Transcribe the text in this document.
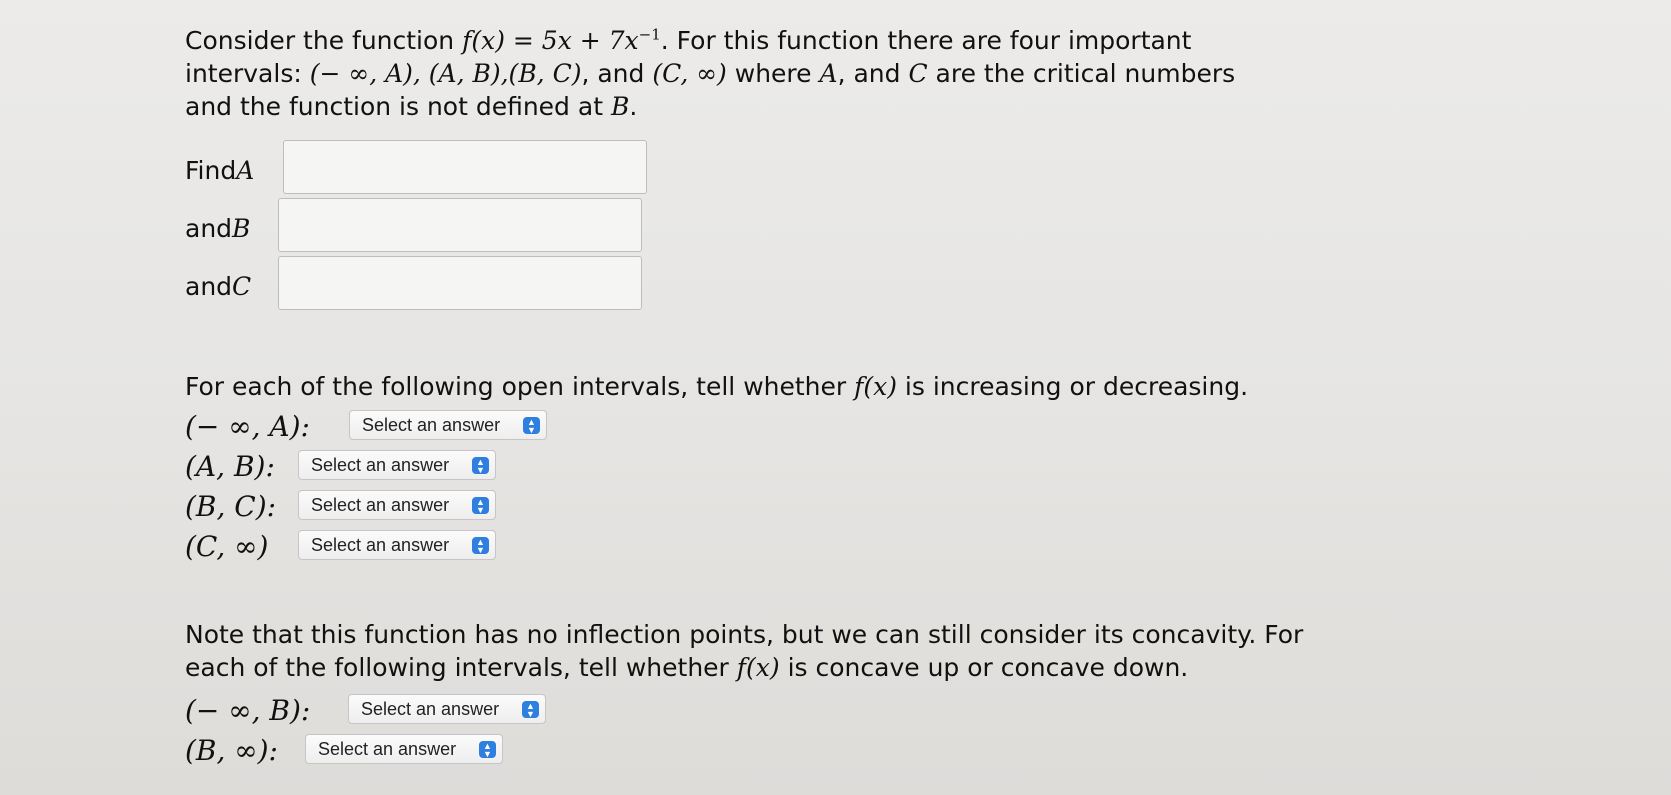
Consider the function $f(x) = 5x + 7x^{-1}$. For this function there are four important
intervals: (− ∞, A), (A, B),(B, C), and (C, ∞) where A, and C are the critical numbers
and the function is not defined at B.

Find A
and B
and C

For each of the following open intervals, tell whether f(x) is increasing or decreasing.

(− ∞, A):	Select an answer	▲
▼
(A, B): Select an answer	▲
▼
(B, C): Select an answer	▲
▼
(C, ∞) Select an answer	▲
▼

Note that this function has no inflection points, but we can still consider its concavity. For
each of the following intervals, tell whether f(x) is concave up or concave down.

(− ∞, B):	Select an answer	▲
▼
(B, ∞): Select an answer	▲
▼
